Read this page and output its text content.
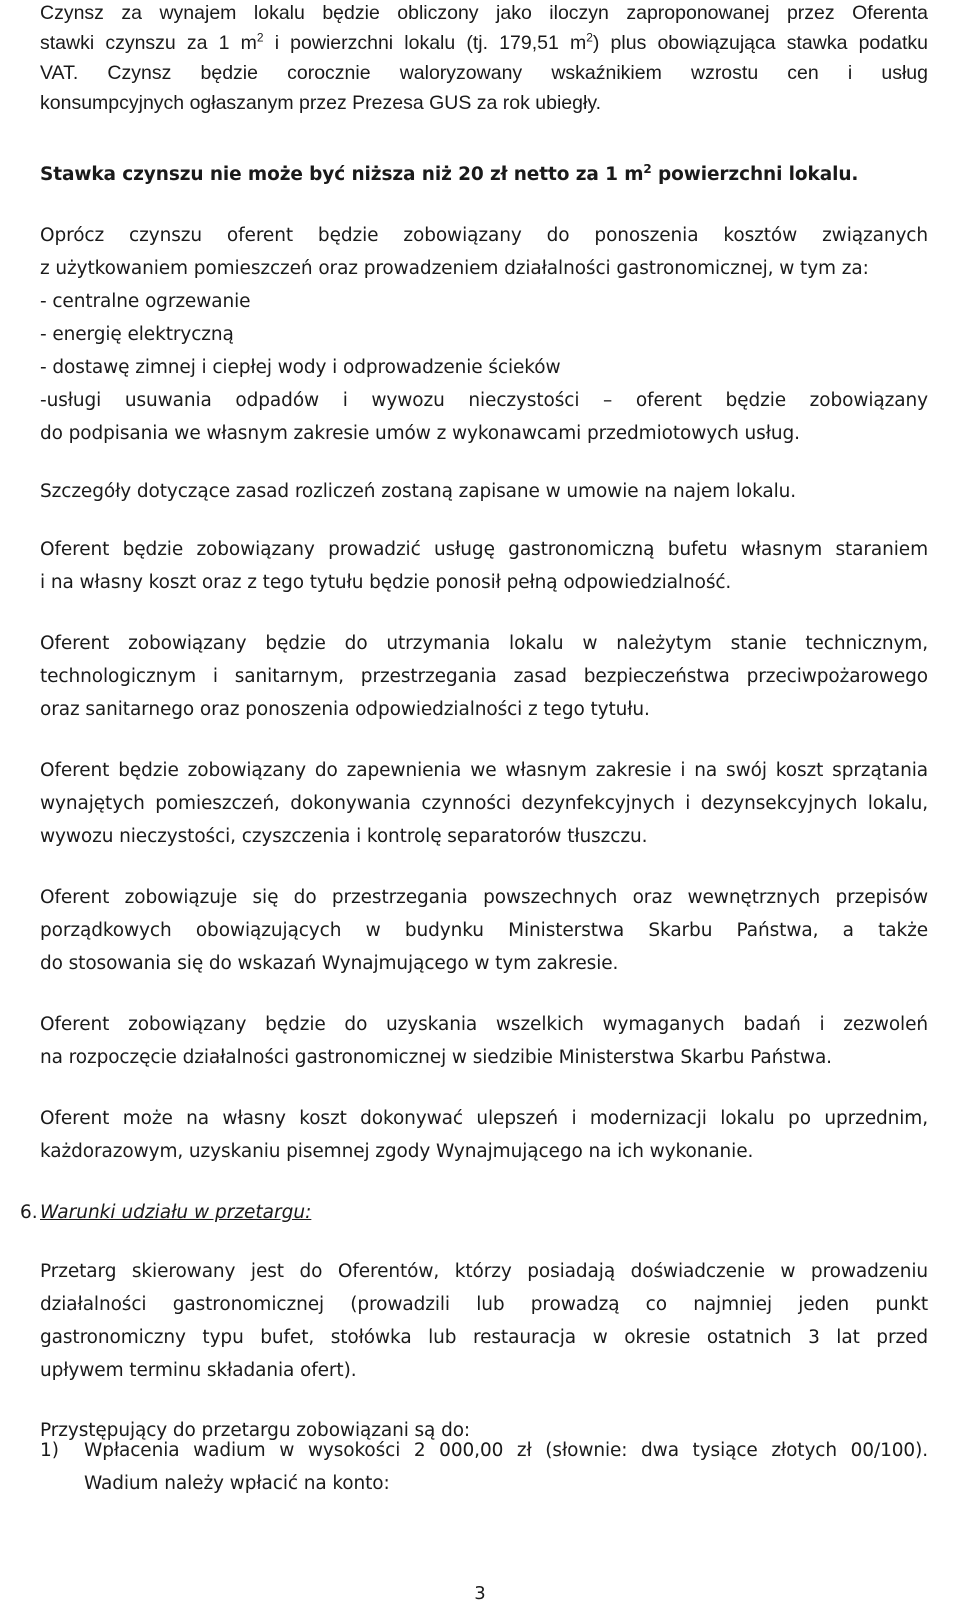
Czynsz za wynajem lokalu będzie obliczony jako iloczyn zaproponowanej przez Oferenta
stawki czynszu za 1 $m^2$ i powierzchni lokalu (tj. 179,51 $m^2$) plus obowiązująca stawka podatku
VAT. Czynsz będzie corocznie waloryzowany wskaźnikiem wzrostu cen i usług
konsumpcyjnych ogłaszanym przez Prezesa GUS za rok ubiegły.
Stawka czynszu nie może być niższa niż 20 zł netto za 1 $m^2$ powierzchni lokalu.
Oprócz czynszu oferent będzie zobowiązany do ponoszenia kosztów związanych
z użytkowaniem pomieszczeń oraz prowadzeniem działalności gastronomicznej, w tym za:
- centralne ogrzewanie
- energię elektryczną
- dostawę zimnej i ciepłej wody i odprowadzenie ścieków
-usługi usuwania odpadów i wywozu nieczystości – oferent będzie zobowiązany
do podpisania we własnym zakresie umów z wykonawcami przedmiotowych usług.
Szczegóły dotyczące zasad rozliczeń zostaną zapisane w umowie na najem lokalu.
Oferent będzie zobowiązany prowadzić usługę gastronomiczną bufetu własnym staraniem
i na własny koszt oraz z tego tytułu będzie ponosił pełną odpowiedzialność.
Oferent zobowiązany będzie do utrzymania lokalu w należytym stanie technicznym,
technologicznym i sanitarnym, przestrzegania zasad bezpieczeństwa przeciwpożarowego
oraz sanitarnego oraz ponoszenia odpowiedzialności z tego tytułu.
Oferent będzie zobowiązany do zapewnienia we własnym zakresie i na swój koszt sprzątania
wynajętych pomieszczeń, dokonywania czynności dezynfekcyjnych i dezynsekcyjnych lokalu,
wywozu nieczystości, czyszczenia i kontrolę separatorów tłuszczu.
Oferent zobowiązuje się do przestrzegania powszechnych oraz wewnętrznych przepisów
porządkowych obowiązujących w budynku Ministerstwa Skarbu Państwa, a także
do stosowania się do wskazań Wynajmującego w tym zakresie.
Oferent zobowiązany będzie do uzyskania wszelkich wymaganych badań i zezwoleń
na rozpoczęcie działalności gastronomicznej w siedzibie Ministerstwa Skarbu Państwa.
Oferent może na własny koszt dokonywać ulepszeń i modernizacji lokalu po uprzednim,
każdorazowym, uzyskaniu pisemnej zgody Wynajmującego na ich wykonanie.
6. Warunki udziału w przetargu:
Przetarg skierowany jest do Oferentów, którzy posiadają doświadczenie w prowadzeniu
działalności gastronomicznej (prowadzili lub prowadzą co najmniej jeden punkt
gastronomiczny typu bufet, stołówka lub restauracja w okresie ostatnich 3 lat przed
upływem terminu składania ofert).
Przystępujący do przetargu zobowiązani są do:
1)	Wpłacenia wadium w wysokości 2 000,00 zł (słownie: dwa tysiące złotych 00/100).
Wadium należy wpłacić na konto:
3
